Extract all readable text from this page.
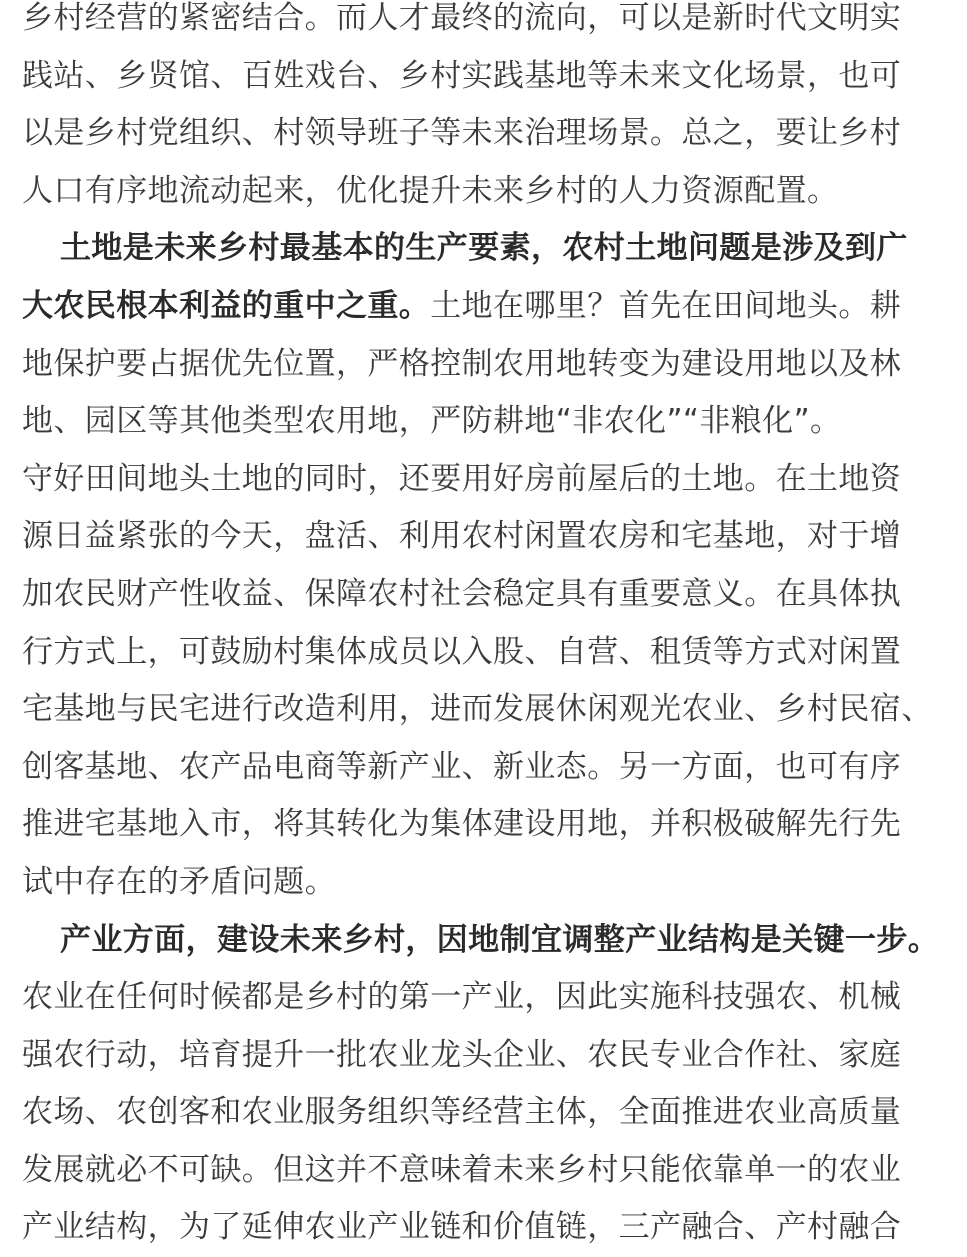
乡村经营的紧密结合。而人才最终的流向，可以是新时代文明实
践站、乡贤馆、百姓戏台、乡村实践基地等未来文化场景，也可
以是乡村党组织、村领导班子等未来治理场景。总之，要让乡村
人口有序地流动起来，优化提升未来乡村的人力资源配置。
土地是未来乡村最基本的生产要素，农村土地问题是涉及到广
大农民根本利益的重中之重。土地在哪里？首先在田间地头。耕
地保护要占据优先位置，严格控制农用地转变为建设用地以及林
地、园区等其他类型农用地，严防耕地“非农化”“非粮化”。
守好田间地头土地的同时，还要用好房前屋后的土地。在土地资
源日益紧张的今天，盘活、利用农村闲置农房和宅基地，对于增
加农民财产性收益、保障农村社会稳定具有重要意义。在具体执
行方式上，可鼓励村集体成员以入股、自营、租赁等方式对闲置
宅基地与民宅进行改造利用，进而发展休闲观光农业、乡村民宿、
创客基地、农产品电商等新产业、新业态。另一方面，也可有序
推进宅基地入市，将其转化为集体建设用地，并积极破解先行先
试中存在的矛盾问题。
产业方面，建设未来乡村，因地制宜调整产业结构是关键一步。
农业在任何时候都是乡村的第一产业，因此实施科技强农、机械
强农行动，培育提升一批农业龙头企业、农民专业合作社、家庭
农场、农创客和农业服务组织等经营主体，全面推进农业高质量
发展就必不可缺。但这并不意味着未来乡村只能依靠单一的农业
产业结构，为了延伸农业产业链和价值链，三产融合、产村融合
